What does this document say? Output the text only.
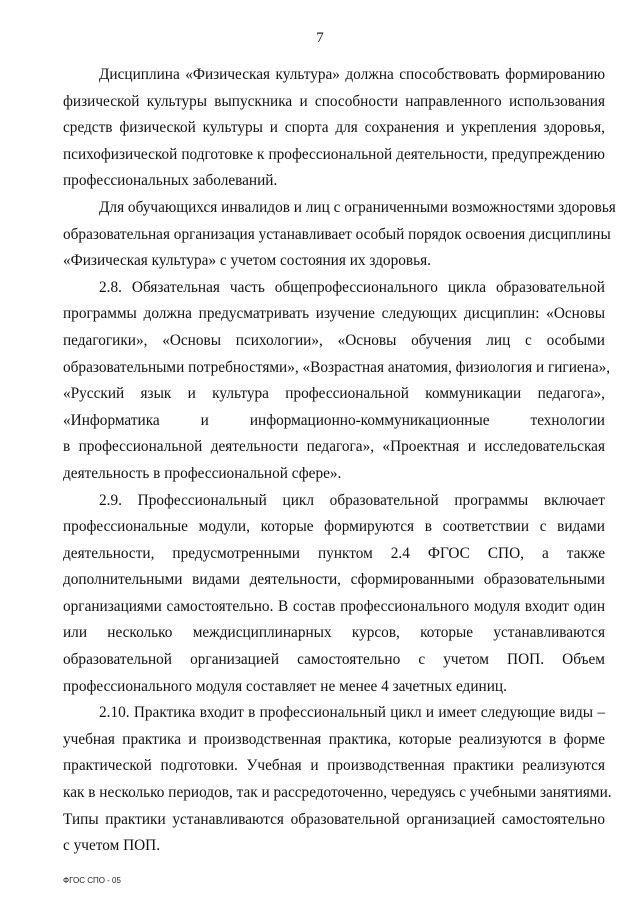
7
Дисциплина «Физическая культура» должна способствовать формированию
физической культуры выпускника и способности направленного использования
средств физической культуры и спорта для сохранения и укрепления здоровья,
психофизической подготовке к профессиональной деятельности, предупреждению
профессиональных заболеваний.
Для обучающихся инвалидов и лиц с ограниченными возможностями здоровья
образовательная организация устанавливает особый порядок освоения дисциплины
«Физическая культура» с учетом состояния их здоровья.
2.8. Обязательная часть общепрофессионального цикла образовательной
программы должна предусматривать изучение следующих дисциплин: «Основы
педагогики», «Основы психологии», «Основы обучения лиц с особыми
образовательными потребностями», «Возрастная анатомия, физиология и гигиена»,
«Русский язык и культура профессиональной коммуникации педагога»,
«Информатика и информационно-коммуникационные технологии
в профессиональной деятельности педагога», «Проектная и исследовательская
деятельность в профессиональной сфере».
2.9. Профессиональный цикл образовательной программы включает
профессиональные модули, которые формируются в соответствии с видами
деятельности, предусмотренными пунктом 2.4 ФГОС СПО, а также
дополнительными видами деятельности, сформированными образовательными
организациями самостоятельно. В состав профессионального модуля входит один
или несколько междисциплинарных курсов, которые устанавливаются
образовательной организацией самостоятельно с учетом ПОП. Объем
профессионального модуля составляет не менее 4 зачетных единиц.
2.10. Практика входит в профессиональный цикл и имеет следующие виды –
учебная практика и производственная практика, которые реализуются в форме
практической подготовки. Учебная и производственная практики реализуются
как в несколько периодов, так и рассредоточенно, чередуясь с учебными занятиями.
Типы практики устанавливаются образовательной организацией самостоятельно
с учетом ПОП.
ФГОС СПО - 05
